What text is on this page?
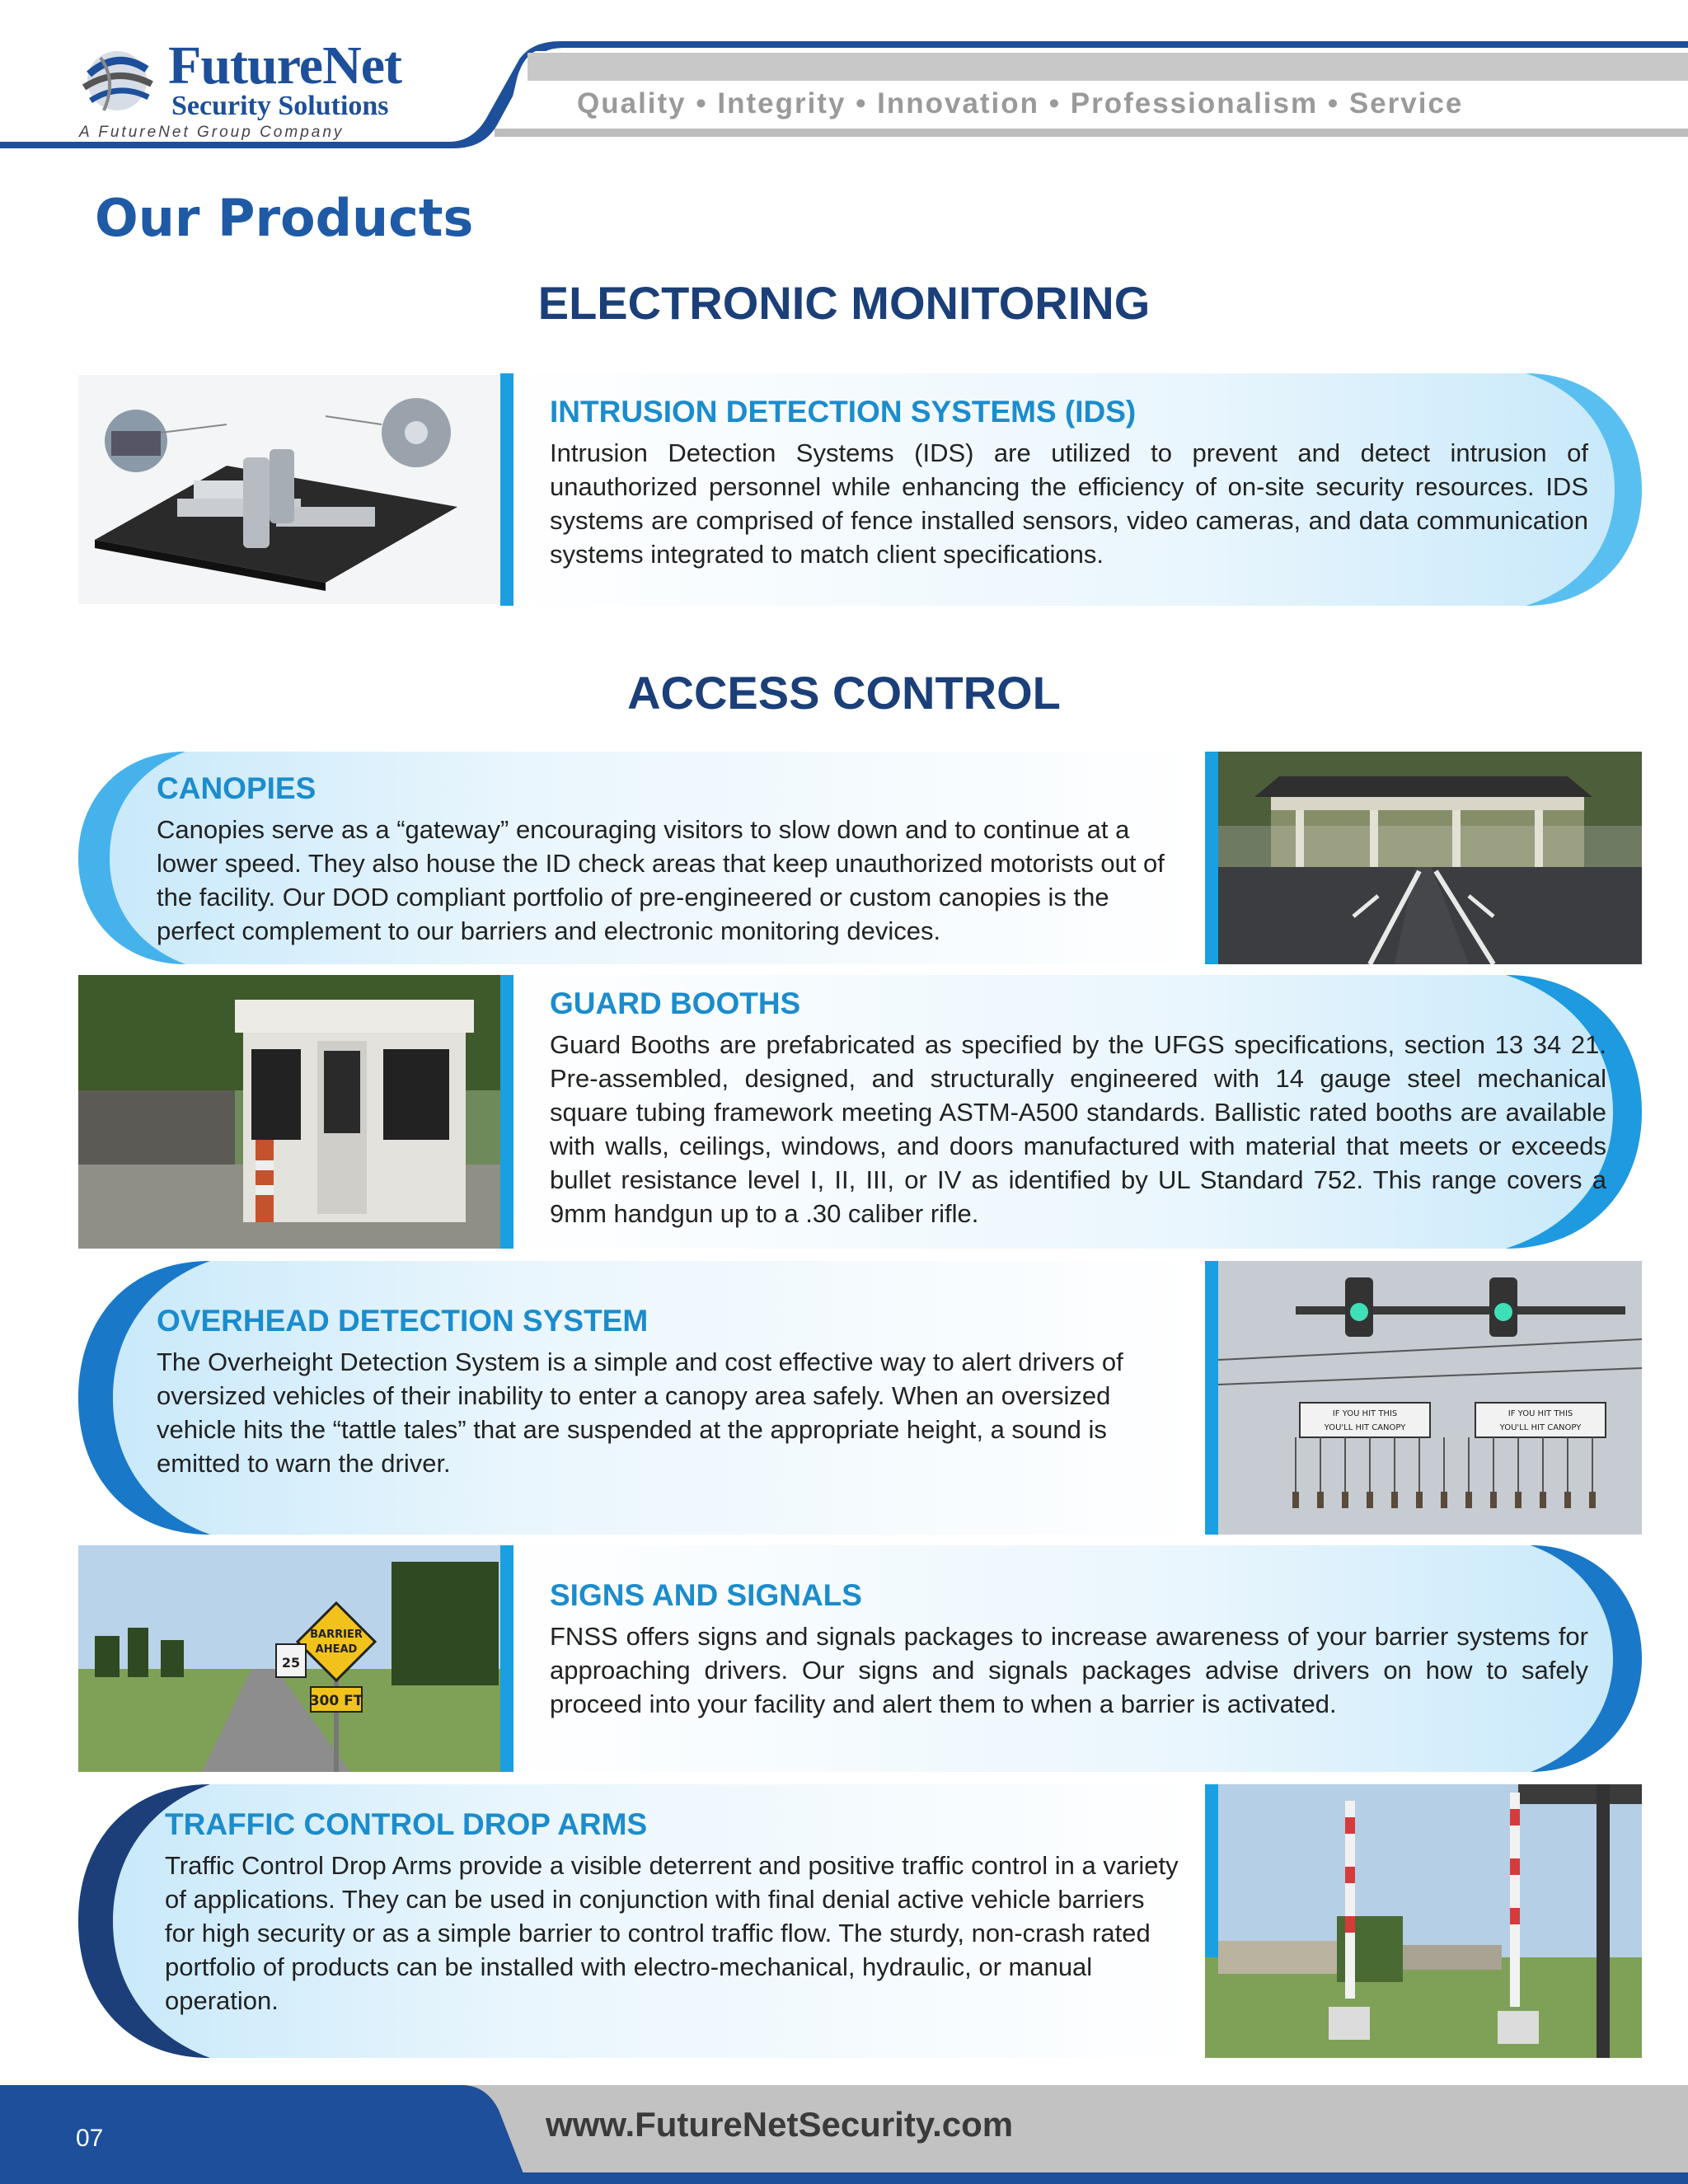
FutureNet
Security Solutions
A FutureNet Group Company
Quality • Integrity • Innovation • Professionalism • Service
Our Products
ELECTRONIC MONITORING
ACCESS CONTROL
INTRUSION DETECTION SYSTEMS (IDS)

Intrusion Detection Systems (IDS) are utilized to prevent and detect intrusion of unauthorized personnel while enhancing the efficiency of on-site security resources. IDS systems are comprised of fence installed sensors, video cameras, and data communication systems integrated to match client specifications.

CANOPIES

Canopies serve as a “gateway” encouraging visitors to slow down and to continue at a lower speed. They also house the ID check areas that keep unauthorized motorists out of the facility. Our DOD compliant portfolio of pre-engineered or custom canopies is the perfect complement to our barriers and electronic monitoring devices.

GUARD BOOTHS

Guard Booths are prefabricated as specified by the UFGS specifications, section 13 34 21. Pre-assembled, designed, and structurally engineered with 14 gauge steel mechanical square tubing framework meeting ASTM-A500 standards. Ballistic rated booths are available with walls, ceilings, windows, and doors manufactured with material that meets or exceeds bullet resistance level I, II, III, or IV as identified by UL Standard 752. This range covers a 9mm handgun up to a .30 caliber rifle.

OVERHEAD DETECTION SYSTEM

The Overheight Detection System is a simple and cost effective way to alert drivers of oversized vehicles of their inability to enter a canopy area safely. When an oversized vehicle hits the “tattle tales” that are suspended at the appropriate height, a sound is emitted to warn the driver.

IF YOU HIT THIS
YOU'LL HIT CANOPY
IF YOU HIT THIS
YOU'LL HIT CANOPY
BARRIER
AHEAD
300 FT
25
SIGNS AND SIGNALS

FNSS offers signs and signals packages to increase awareness of your barrier systems for approaching drivers. Our signs and signals packages advise drivers on how to safely proceed into your facility and alert them to when a barrier is activated.

TRAFFIC CONTROL DROP ARMS

Traffic Control Drop Arms provide a visible deterrent and positive traffic control in a variety of applications. They can be used in conjunction with final denial active vehicle barriers for high security or as a simple barrier to control traffic flow. The sturdy, non-crash rated portfolio of products can be installed with electro-mechanical, hydraulic, or manual operation.

07	www.FutureNetSecurity.com
